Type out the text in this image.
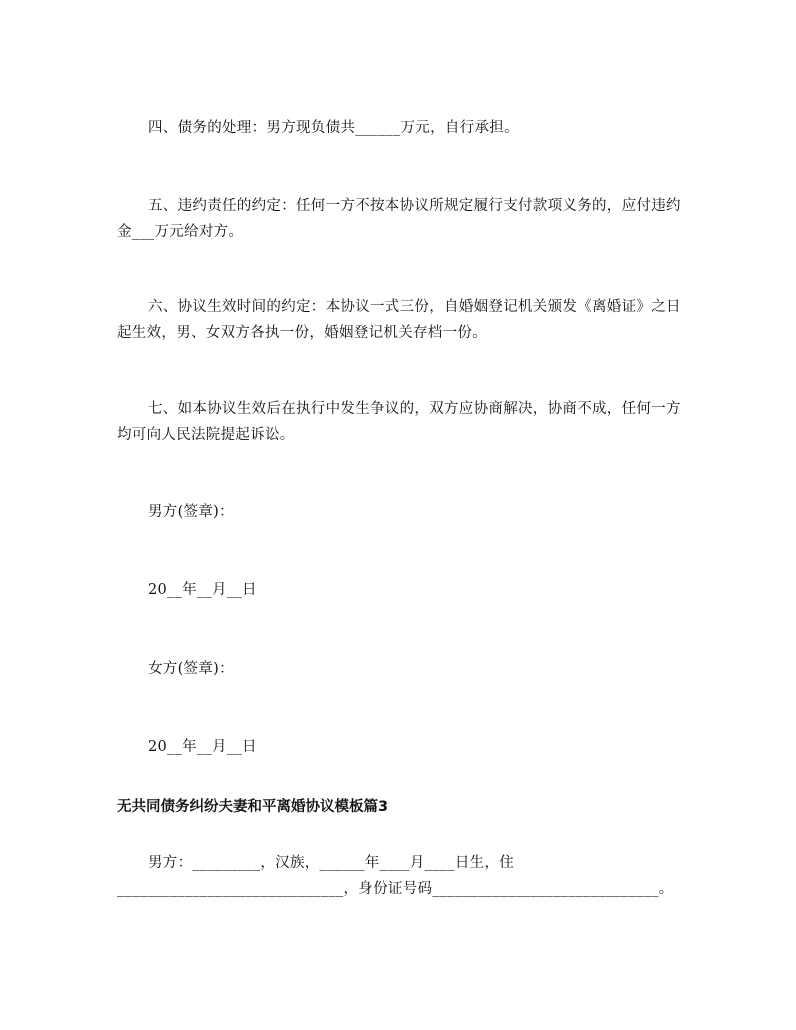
四、债务的处理：男方现负债共______万元，自行承担。
五、违约责任的约定：任何一方不按本协议所规定履行支付款项义务的，应付违约金___万元给对方。
六、协议生效时间的约定：本协议一式三份，自婚姻登记机关颁发《离婚证》之日起生效，男、女双方各执一份，婚姻登记机关存档一份。
七、如本协议生效后在执行中发生争议的，双方应协商解决，协商不成，任何一方均可向人民法院提起诉讼。
男方(签章)：
20__年__月__日
女方(签章)：
20__年__月__日
无共同债务纠纷夫妻和平离婚协议模板篇3
男方：_________，汉族，______年____月____日生，住______________________________，身份证号码______________________________。
